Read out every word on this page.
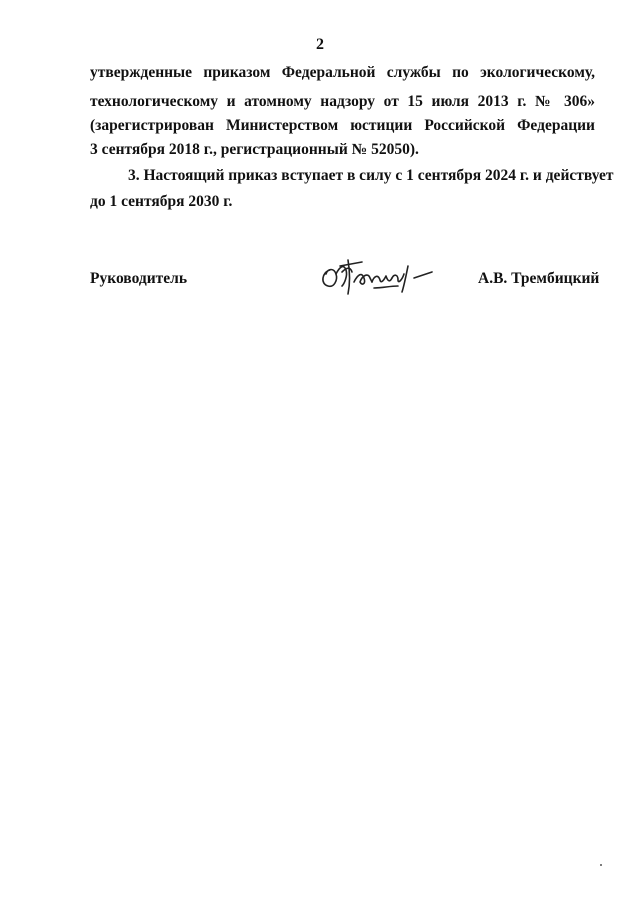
2
утвержденные приказом Федеральной службы по экологическому,
технологическому и атомному надзору от 15 июля 2013 г. № 306»
(зарегистрирован Министерством юстиции Российской Федерации
3 сентября 2018 г., регистрационный № 52050).
3. Настоящий приказ вступает в силу с 1 сентября 2024 г. и действует
до 1 сентября 2030 г.
Руководитель	А.В. Трембицкий
